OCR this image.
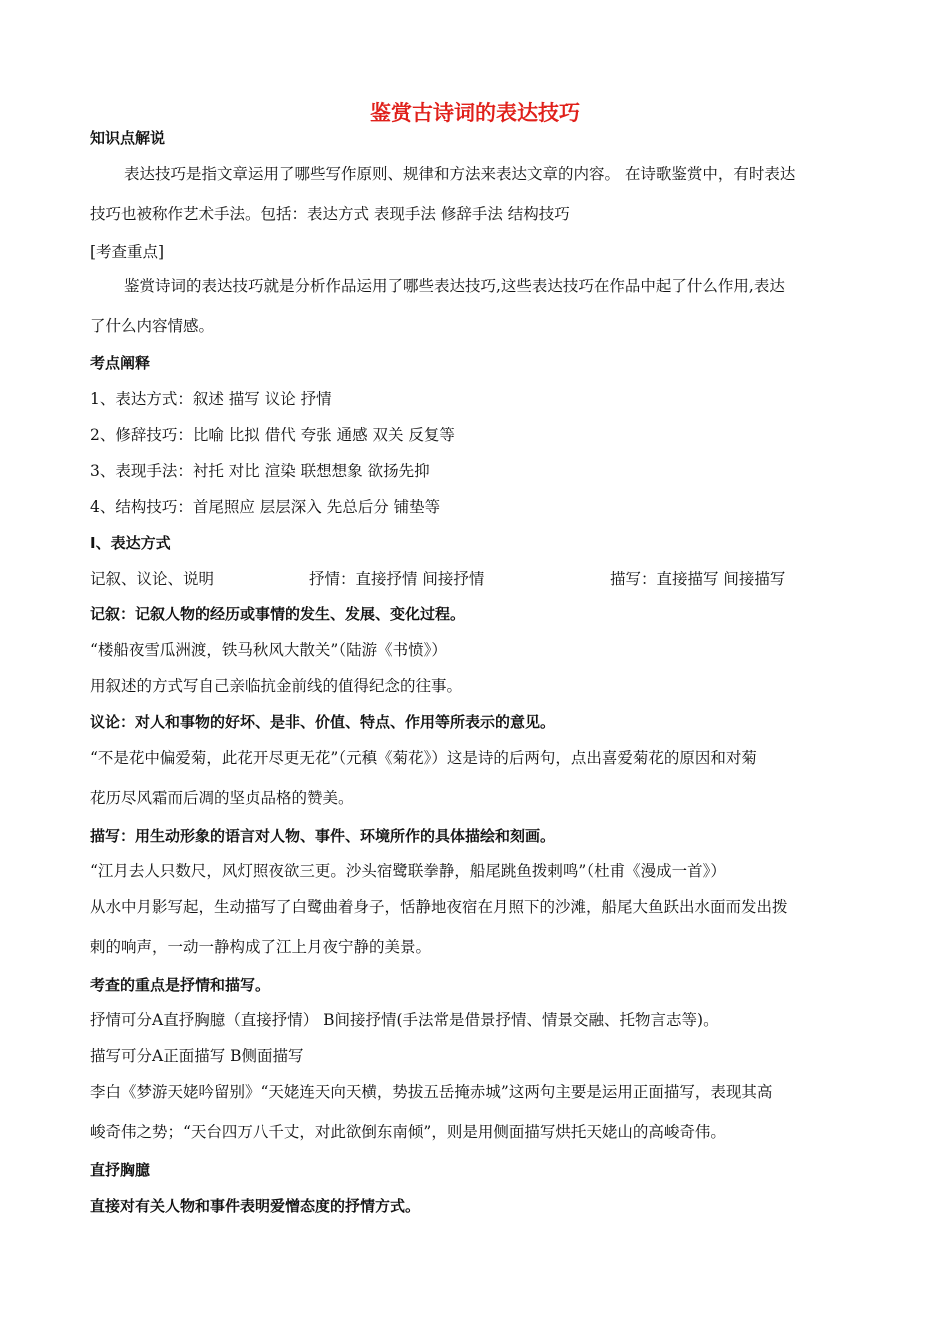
鉴赏古诗词的表达技巧
知识点解说
表达技巧是指文章运用了哪些写作原则、规律和方法来表达文章的内容。 在诗歌鉴赏中，有时表达
技巧也被称作艺术手法。包括：表达方式 表现手法 修辞手法 结构技巧
[考查重点]
鉴赏诗词的表达技巧就是分析作品运用了哪些表达技巧,这些表达技巧在作品中起了什么作用,表达
了什么内容情感。
考点阐释
1、表达方式：叙述 描写 议论 抒情
2、修辞技巧：比喻 比拟 借代 夸张 通感 双关 反复等
3、表现手法：衬托 对比 渲染 联想想象 欲扬先抑
4、结构技巧：首尾照应 层层深入 先总后分 铺垫等
I、表达方式
记叙、议论、说明	抒情：直接抒情 间接抒情	描写：直接描写 间接描写
记叙：记叙人物的经历或事情的发生、发展、变化过程。
“楼船夜雪瓜洲渡，铁马秋风大散关”（陆游《书愤》）
用叙述的方式写自己亲临抗金前线的值得纪念的往事。
议论：对人和事物的好坏、是非、价值、特点、作用等所表示的意见。
“不是花中偏爱菊，此花开尽更无花”（元稹《菊花》）这是诗的后两句，点出喜爱菊花的原因和对菊
花历尽风霜而后凋的坚贞品格的赞美。
描写：用生动形象的语言对人物、事件、环境所作的具体描绘和刻画。
“江月去人只数尺，风灯照夜欲三更。沙头宿鹭联拳静，船尾跳鱼拨剌鸣”（杜甫《漫成一首》）
从水中月影写起，生动描写了白鹭曲着身子，恬静地夜宿在月照下的沙滩，船尾大鱼跃出水面而发出拨
剌的响声，一动一静构成了江上月夜宁静的美景。
考查的重点是抒情和描写。
抒情可分A直抒胸臆（直接抒情） B间接抒情(手法常是借景抒情、情景交融、托物言志等)。
描写可分A正面描写 B侧面描写
李白《梦游天姥吟留别》“天姥连天向天横，势拔五岳掩赤城”这两句主要是运用正面描写，表现其高
峻奇伟之势；“天台四万八千丈，对此欲倒东南倾”，则是用侧面描写烘托天姥山的高峻奇伟。
直抒胸臆
直接对有关人物和事件表明爱憎态度的抒情方式。
